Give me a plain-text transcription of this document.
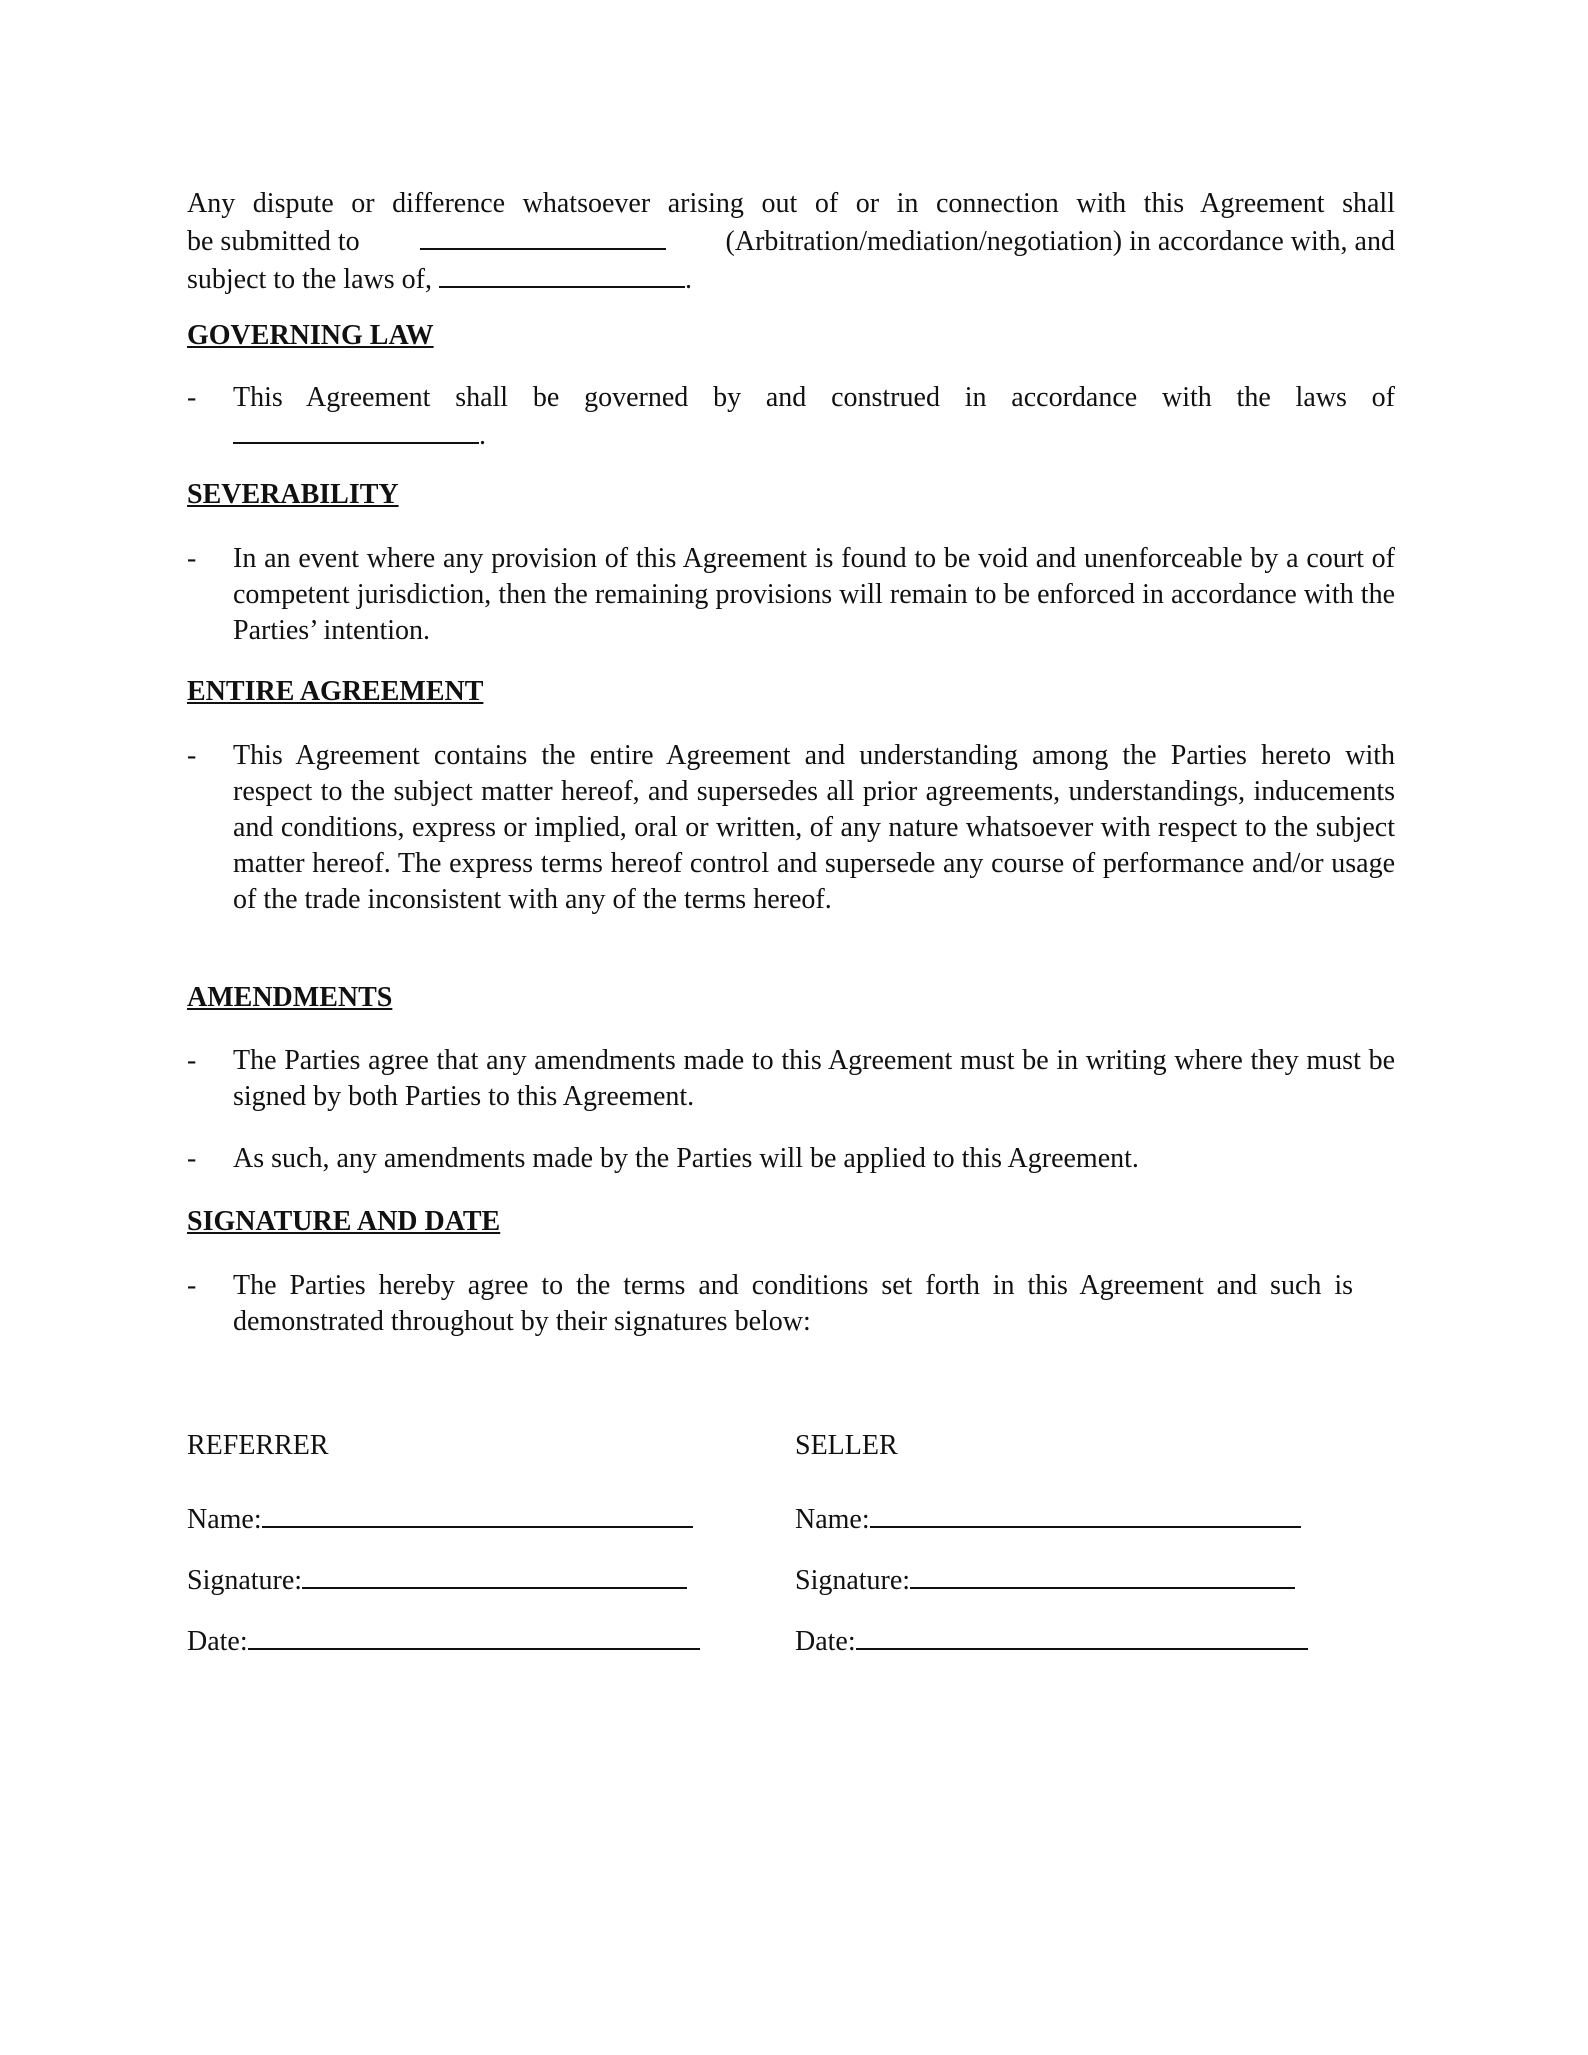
Any dispute or difference whatsoever arising out of or in connection with this Agreement shall
be submitted to	(Arbitration/mediation/negotiation) in accordance with, and
subject to the laws of,	.
GOVERNING LAW
- This Agreement shall be governed by and construed in accordance with the laws of
.
SEVERABILITY
- In an event where any provision of this Agreement is found to be void and unenforceable by a court of competent jurisdiction, then the remaining provisions will remain to be enforced in accordance with the Parties’ intention.
ENTIRE AGREEMENT
- This Agreement contains the entire Agreement and understanding among the Parties hereto with respect to the subject matter hereof, and supersedes all prior agreements, understandings, inducements and conditions, express or implied, oral or written, of any nature whatsoever with respect to the subject matter hereof. The express terms hereof control and supersede any course of performance and/or usage of the trade inconsistent with any of the terms hereof.
AMENDMENTS
- The Parties agree that any amendments made to this Agreement must be in writing where they must be signed by both Parties to this Agreement.
- As such, any amendments made by the Parties will be applied to this Agreement.
SIGNATURE AND DATE
- The Parties hereby agree to the terms and conditions set forth in this Agreement and such is demonstrated throughout by their signatures below:
REFERRER
Name:
Signature:
Date:
SELLER
Name:
Signature:
Date:
